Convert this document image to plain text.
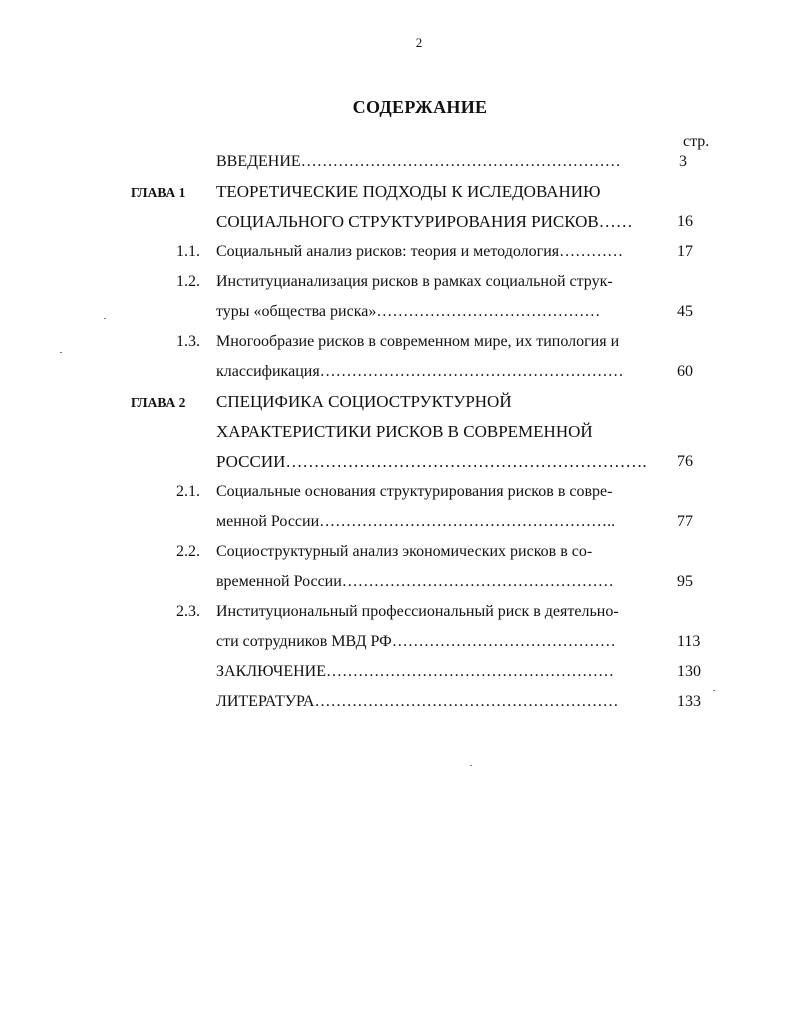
2
СОДЕРЖАНИЕ
стр.
ВВЕДЕНИЕ……………………………………………………	3
ГЛАВА 1 ТЕОРЕТИЧЕСКИЕ ПОДХОДЫ К ИСЛЕДОВАНИЮ
СОЦИАЛЬНОГО СТРУКТУРИРОВАНИЯ РИСКОВ……	16
1.1. Социальный анализ рисков: теория и методология…………	17
1.2. Институцианализация рисков в рамках социальной струк-
туры «общества риска»……………………………………	45
1.3. Многообразие рисков в современном мире, их типология и
классификация…………………………………………………	60
ГЛАВА 2 СПЕЦИФИКА СОЦИОСТРУКТУРНОЙ
ХАРАКТЕРИСТИКИ РИСКОВ В СОВРЕМЕННОЙ
РОССИИ………………………………………………………. 76
2.1. Социальные основания структурирования рисков в совре-
менной России………………………………………………..	77
2.2. Социоструктурный анализ экономических рисков в со-
временной России……………………………………………	95
2.3. Институциональный профессиональный риск в деятельно-
сти сотрудников МВД РФ……………………………………	113
ЗАКЛЮЧЕНИЕ………………………………………………	130
ЛИТЕРАТУРА…………………………………………………	133
